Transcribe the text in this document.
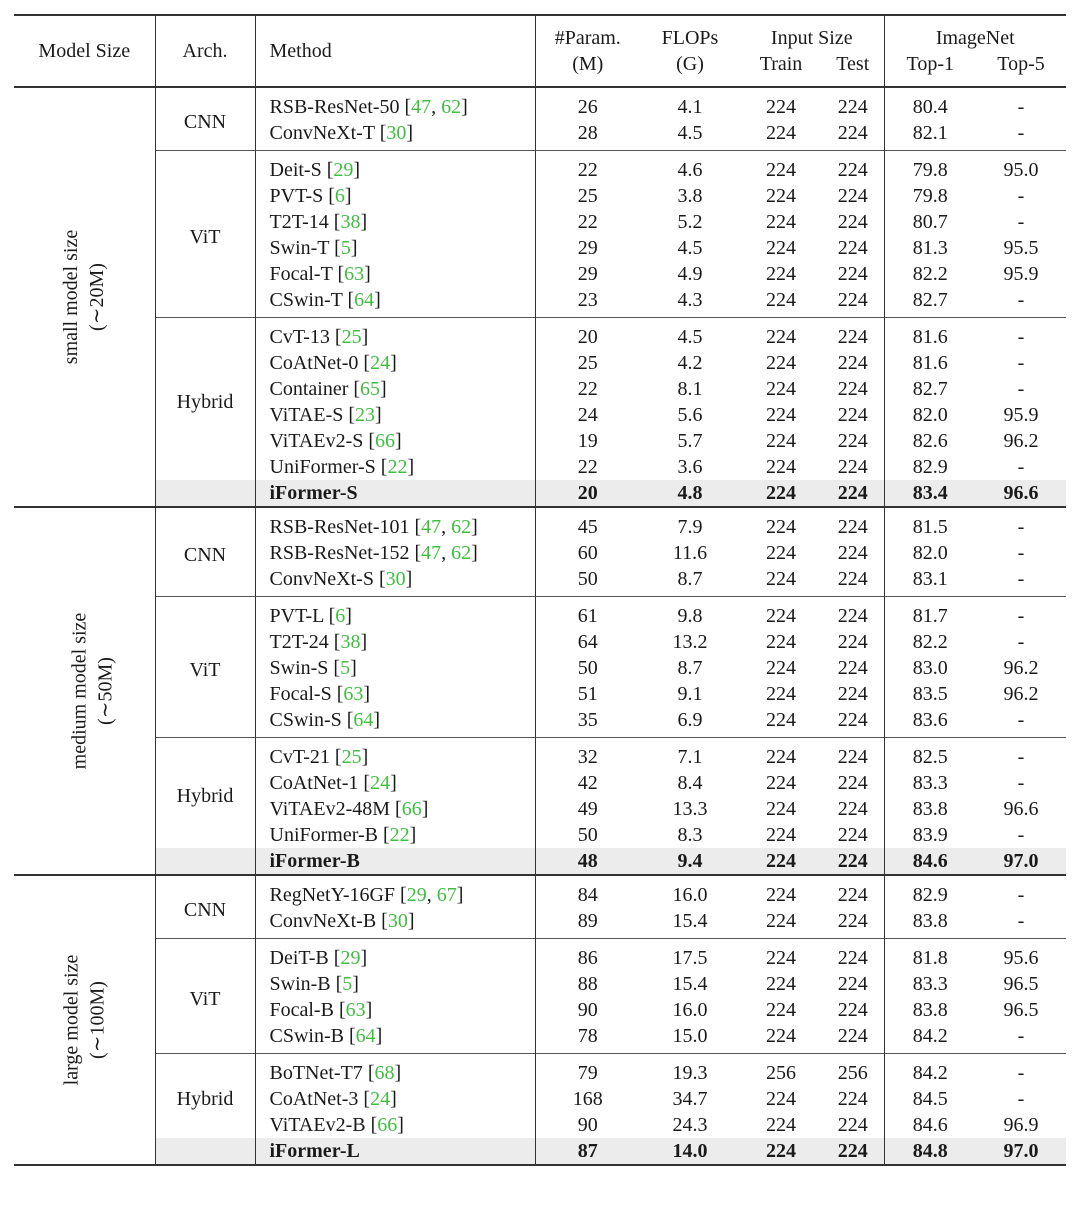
Model Size	Arch.	Method	#Param.	FLOPs	Input Size		ImageNet	
			(M)	(G)	Train	Test	Top-1	Top-5

small model size (∼20M)	CNN	RSB-ResNet-50 [47, 62]	26	4.1	224	224	80.4	-
		ConvNeXt-T [30]	28	4.5	224	224	82.1	-
	ViT	Deit-S [29]	22	4.6	224	224	79.8	95.0
		PVT-S [6]	25	3.8	224	224	79.8	-
		T2T-14 [38]	22	5.2	224	224	80.7	-
		Swin-T [5]	29	4.5	224	224	81.3	95.5
		Focal-T [63]	29	4.9	224	224	82.2	95.9
		CSwin-T [64]	23	4.3	224	224	82.7	-
	Hybrid	CvT-13 [25]	20	4.5	224	224	81.6	-
		CoAtNet-0 [24]	25	4.2	224	224	81.6	-
		Container [65]	22	8.1	224	224	82.7	-
		ViTAE-S [23]	24	5.6	224	224	82.0	95.9
		ViTAEv2-S [66]	19	5.7	224	224	82.6	96.2
		UniFormer-S [22]	22	3.6	224	224	82.9	-
		iFormer-S	20	4.8	224	224	83.4	96.6

medium model size (∼50M)	CNN	RSB-ResNet-101 [47, 62]	45	7.9	224	224	81.5	-
		RSB-ResNet-152 [47, 62]	60	11.6	224	224	82.0	-
		ConvNeXt-S [30]	50	8.7	224	224	83.1	-
	ViT	PVT-L [6]	61	9.8	224	224	81.7	-
		T2T-24 [38]	64	13.2	224	224	82.2	-
		Swin-S [5]	50	8.7	224	224	83.0	96.2
		Focal-S [63]	51	9.1	224	224	83.5	96.2
		CSwin-S [64]	35	6.9	224	224	83.6	-
	Hybrid	CvT-21 [25]	32	7.1	224	224	82.5	-
		CoAtNet-1 [24]	42	8.4	224	224	83.3	-
		ViTAEv2-48M [66]	49	13.3	224	224	83.8	96.6
		UniFormer-B [22]	50	8.3	224	224	83.9	-
		iFormer-B	48	9.4	224	224	84.6	97.0

large model size (∼100M)	CNN	RegNetY-16GF [29, 67]	84	16.0	224	224	82.9	-
		ConvNeXt-B [30]	89	15.4	224	224	83.8	-
	ViT	DeiT-B [29]	86	17.5	224	224	81.8	95.6
		Swin-B [5]	88	15.4	224	224	83.3	96.5
		Focal-B [63]	90	16.0	224	224	83.8	96.5
		CSwin-B [64]	78	15.0	224	224	84.2	-
	Hybrid	BoTNet-T7 [68]	79	19.3	256	256	84.2	-
		CoAtNet-3 [24]	168	34.7	224	224	84.5	-
		ViTAEv2-B [66]	90	24.3	224	224	84.6	96.9
		iFormer-L	87	14.0	224	224	84.8	97.0
